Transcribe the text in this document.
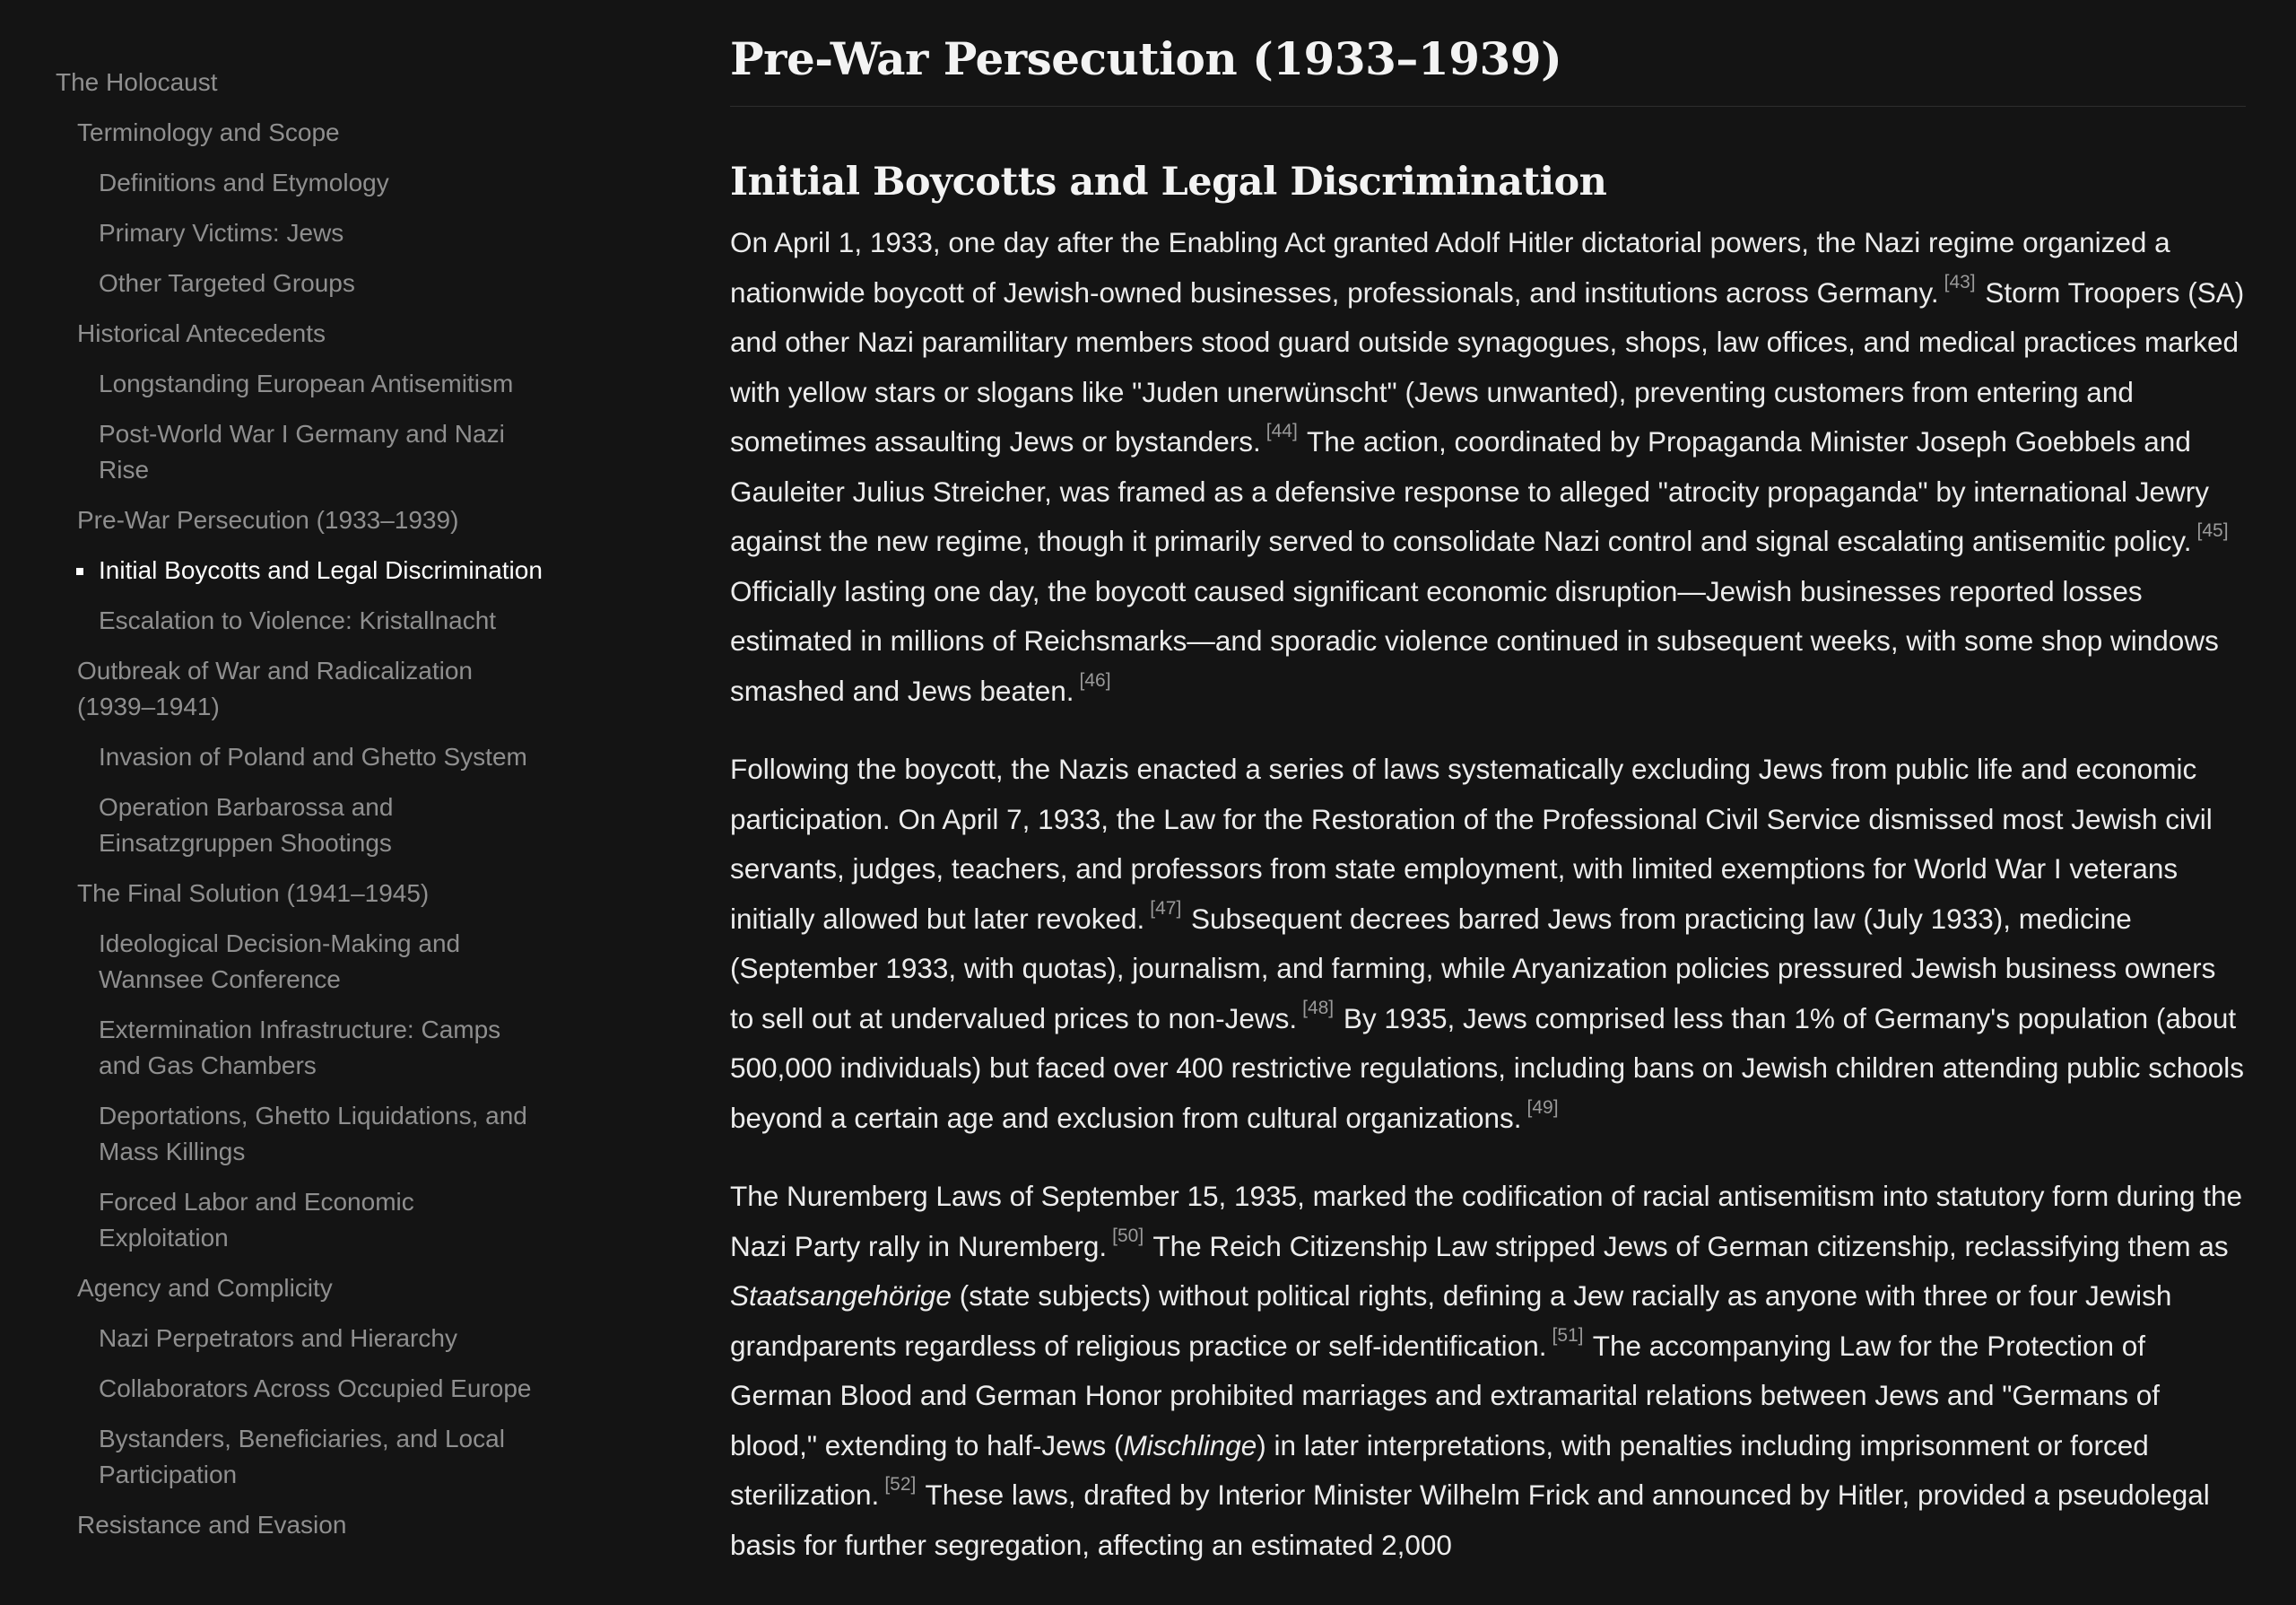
The Holocaust
Terminology and Scope
Definitions and Etymology
Primary Victims: Jews
Other Targeted Groups
Historical Antecedents
Longstanding European Antisemitism
Post-World War I Germany and Nazi Rise
Pre-War Persecution (1933–1939)
Initial Boycotts and Legal Discrimination
Escalation to Violence: Kristallnacht
Outbreak of War and Radicalization (1939–1941)
Invasion of Poland and Ghetto System
Operation Barbarossa and Einsatzgruppen Shootings
The Final Solution (1941–1945)
Ideological Decision-Making and Wannsee Conference
Extermination Infrastructure: Camps and Gas Chambers
Deportations, Ghetto Liquidations, and Mass Killings
Forced Labor and Economic Exploitation
Agency and Complicity
Nazi Perpetrators and Hierarchy
Collaborators Across Occupied Europe
Bystanders, Beneficiaries, and Local Participation
Resistance and Evasion
Pre-War Persecution (1933–1939)
Initial Boycotts and Legal Discrimination

On April 1, 1933, one day after the Enabling Act granted Adolf Hitler dictatorial powers, the Nazi regime organized a nationwide boycott of Jewish-owned businesses, professionals, and institutions across Germany. [43] Storm Troopers (SA) and other Nazi paramilitary members stood guard outside synagogues, shops, law offices, and medical practices marked with yellow stars or slogans like "Juden unerwünscht" (Jews unwanted), preventing customers from entering and sometimes assaulting Jews or bystanders. [44] The action, coordinated by Propaganda Minister Joseph Goebbels and Gauleiter Julius Streicher, was framed as a defensive response to alleged "atrocity propaganda" by international Jewry against the new regime, though it primarily served to consolidate Nazi control and signal escalating antisemitic policy. [45] Officially lasting one day, the boycott caused significant economic disruption—Jewish businesses reported losses estimated in millions of Reichsmarks—and sporadic violence continued in subsequent weeks, with some shop windows smashed and Jews beaten. [46]

Following the boycott, the Nazis enacted a series of laws systematically excluding Jews from public life and economic participation. On April 7, 1933, the Law for the Restoration of the Professional Civil Service dismissed most Jewish civil servants, judges, teachers, and professors from state employment, with limited exemptions for World War I veterans initially allowed but later revoked. [47] Subsequent decrees barred Jews from practicing law (July 1933), medicine (September 1933, with quotas), journalism, and farming, while Aryanization policies pressured Jewish business owners to sell out at undervalued prices to non-Jews. [48] By 1935, Jews comprised less than 1% of Germany's population (about 500,000 individuals) but faced over 400 restrictive regulations, including bans on Jewish children attending public schools beyond a certain age and exclusion from cultural organizations. [49]

The Nuremberg Laws of September 15, 1935, marked the codification of racial antisemitism into statutory form during the Nazi Party rally in Nuremberg. [50] The Reich Citizenship Law stripped Jews of German citizenship, reclassifying them as Staatsangehörige (state subjects) without political rights, defining a Jew racially as anyone with three or four Jewish grandparents regardless of religious practice or self-identification. [51] The accompanying Law for the Protection of German Blood and German Honor prohibited marriages and extramarital relations between Jews and "Germans of blood," extending to half-Jews (Mischlinge) in later interpretations, with penalties including imprisonment or forced sterilization. [52] These laws, drafted by Interior Minister Wilhelm Frick and announced by Hitler, provided a pseudolegal basis for further segregation, affecting an estimated 2,000
